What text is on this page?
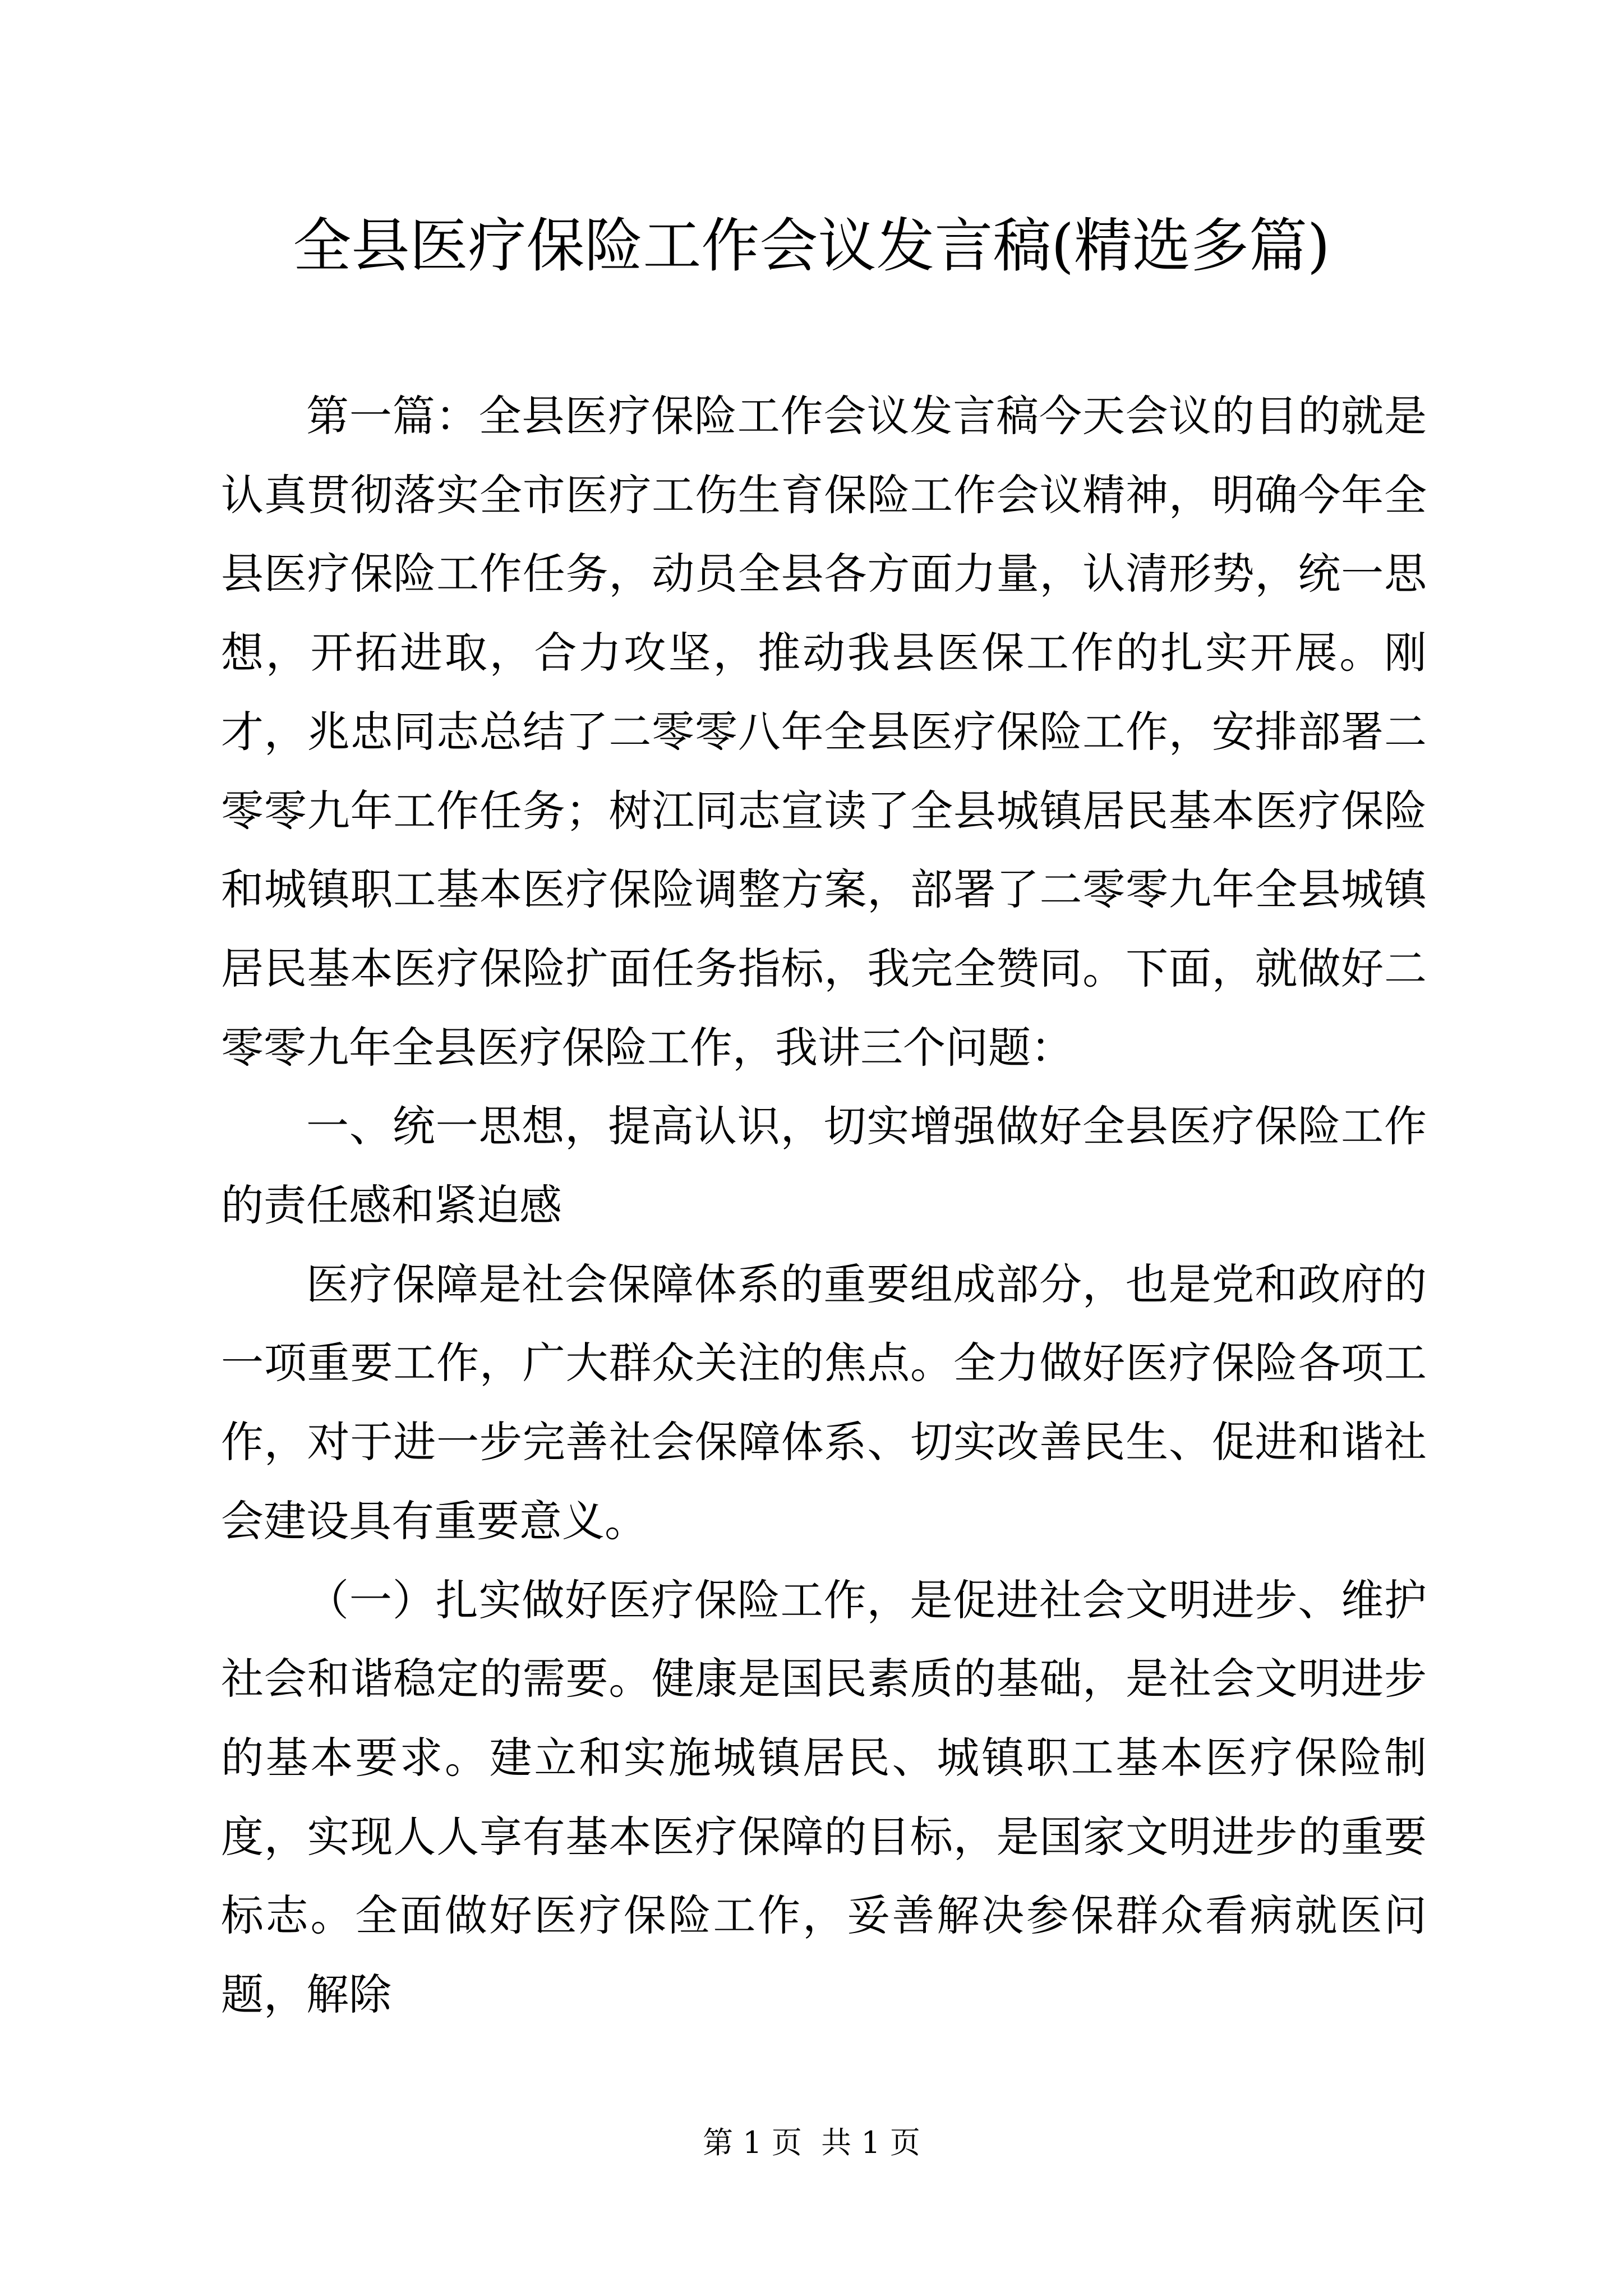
全县医疗保险工作会议发言稿(精选多篇)

第一篇：全县医疗保险工作会议发言稿今天会议的目的就是认真贯彻落实全市医疗工伤生育保险工作会议精神，明确今年全县医疗保险工作任务，动员全县各方面力量，认清形势，统一思想，开拓进取，合力攻坚，推动我县医保工作的扎实开展。刚才，兆忠同志总结了二零零八年全县医疗保险工作，安排部署二零零九年工作任务；树江同志宣读了全县城镇居民基本医疗保险和城镇职工基本医疗保险调整方案，部署了二零零九年全县城镇居民基本医疗保险扩面任务指标，我完全赞同。下面，就做好二零零九年全县医疗保险工作，我讲三个问题：

一、统一思想，提高认识，切实增强做好全县医疗保险工作的责任感和紧迫感

医疗保障是社会保障体系的重要组成部分，也是党和政府的一项重要工作，广大群众关注的焦点。全力做好医疗保险各项工作，对于进一步完善社会保障体系、切实改善民生、促进和谐社会建设具有重要意义。

（一）扎实做好医疗保险工作，是促进社会文明进步、维护社会和谐稳定的需要。健康是国民素质的基础，是社会文明进步的基本要求。建立和实施城镇居民、城镇职工基本医疗保险制度，实现人人享有基本医疗保障的目标，是国家文明进步的重要标志。全面做好医疗保险工作，妥善解决参保群众看病就医问题，解除

第 1 页  共 1 页
